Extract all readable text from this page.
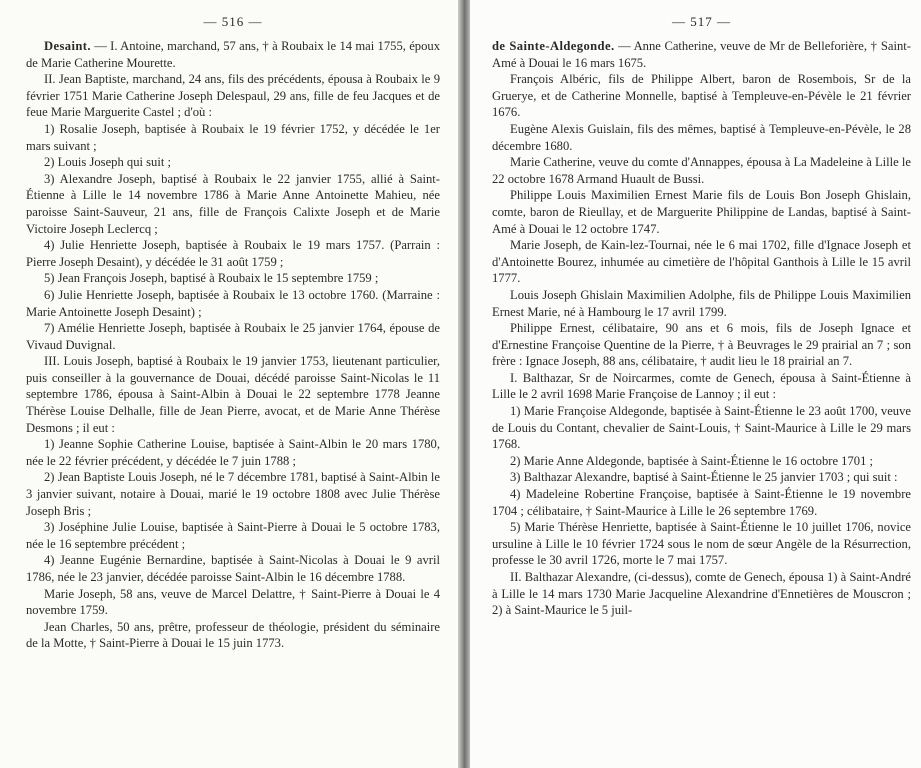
— 516 —

Desaint. — I. Antoine, marchand, 57 ans, † à Roubaix le 14 mai 1755, époux de Marie Catherine Mourette.

II. Jean Baptiste, marchand, 24 ans, fils des précédents, épousa à Roubaix le 9 février 1751 Marie Catherine Joseph Delespaul, 29 ans, fille de feu Jacques et de feue Marie Marguerite Castel ; d'où :

1) Rosalie Joseph, baptisée à Roubaix le 19 février 1752, y décédée le 1er mars suivant ;

2) Louis Joseph qui suit ;

3) Alexandre Joseph, baptisé à Roubaix le 22 janvier 1755, allié à Saint-Étienne à Lille le 14 novembre 1786 à Marie Anne Antoinette Mahieu, née paroisse Saint-Sauveur, 21 ans, fille de François Calixte Joseph et de Marie Victoire Joseph Leclercq ;

4) Julie Henriette Joseph, baptisée à Roubaix le 19 mars 1757. (Parrain : Pierre Joseph Desaint), y décédée le 31 août 1759 ;

5) Jean François Joseph, baptisé à Roubaix le 15 septembre 1759 ;

6) Julie Henriette Joseph, baptisée à Roubaix le 13 octobre 1760. (Marraine : Marie Antoinette Joseph Desaint) ;

7) Amélie Henriette Joseph, baptisée à Roubaix le 25 janvier 1764, épouse de Vivaud Duvignal.

III. Louis Joseph, baptisé à Roubaix le 19 janvier 1753, lieutenant particulier, puis conseiller à la gouvernance de Douai, décédé paroisse Saint-Nicolas le 11 septembre 1786, épousa à Saint-Albin à Douai le 22 septembre 1778 Jeanne Thérèse Louise Delhalle, fille de Jean Pierre, avocat, et de Marie Anne Thérèse Desmons ; il eut :

1) Jeanne Sophie Catherine Louise, baptisée à Saint-Albin le 20 mars 1780, née le 22 février précédent, y décédée le 7 juin 1788 ;

2) Jean Baptiste Louis Joseph, né le 7 décembre 1781, baptisé à Saint-Albin le 3 janvier suivant, notaire à Douai, marié le 19 octobre 1808 avec Julie Thérèse Joseph Bris ;

3) Joséphine Julie Louise, baptisée à Saint-Pierre à Douai le 5 octobre 1783, née le 16 septembre précédent ;

4) Jeanne Eugénie Bernardine, baptisée à Saint-Nicolas à Douai le 9 avril 1786, née le 23 janvier, décédée paroisse Saint-Albin le 16 décembre 1788.

Marie Joseph, 58 ans, veuve de Marcel Delattre, † Saint-Pierre à Douai le 4 novembre 1759.

Jean Charles, 50 ans, prêtre, professeur de théologie, président du séminaire de la Motte, † Saint-Pierre à Douai le 15 juin 1773.

— 517 —

de Sainte-Aldegonde. — Anne Catherine, veuve de Mr de Belleforière, † Saint-Amé à Douai le 16 mars 1675.

François Albéric, fils de Philippe Albert, baron de Rosembois, Sr de la Gruerye, et de Catherine Monnelle, baptisé à Templeuve-en-Pévèle le 21 février 1676.

Eugène Alexis Guislain, fils des mêmes, baptisé à Templeuve-en-Pévèle, le 28 décembre 1680.

Marie Catherine, veuve du comte d'Annappes, épousa à La Madeleine à Lille le 22 octobre 1678 Armand Huault de Bussi.

Philippe Louis Maximilien Ernest Marie fils de Louis Bon Joseph Ghislain, comte, baron de Rieullay, et de Marguerite Philippine de Landas, baptisé à Saint-Amé à Douai le 12 octobre 1747.

Marie Joseph, de Kain-lez-Tournai, née le 6 mai 1702, fille d'Ignace Joseph et d'Antoinette Bourez, inhumée au cimetière de l'hôpital Ganthois à Lille le 15 avril 1777.

Louis Joseph Ghislain Maximilien Adolphe, fils de Philippe Louis Maximilien Ernest Marie, né à Hambourg le 17 avril 1799.

Philippe Ernest, célibataire, 90 ans et 6 mois, fils de Joseph Ignace et d'Ernestine Françoise Quentine de la Pierre, † à Beuvrages le 29 prairial an 7 ; son frère : Ignace Joseph, 88 ans, célibataire, † audit lieu le 18 prairial an 7.

I. Balthazar, Sr de Noircarmes, comte de Genech, épousa à Saint-Étienne à Lille le 2 avril 1698 Marie Françoise de Lannoy ; il eut :

1) Marie Françoise Aldegonde, baptisée à Saint-Étienne le 23 août 1700, veuve de Louis du Contant, chevalier de Saint-Louis, † Saint-Maurice à Lille le 29 mars 1768.

2) Marie Anne Aldegonde, baptisée à Saint-Étienne le 16 octobre 1701 ;

3) Balthazar Alexandre, baptisé à Saint-Étienne le 25 janvier 1703 ; qui suit :

4) Madeleine Robertine Françoise, baptisée à Saint-Étienne le 19 novembre 1704 ; célibataire, † Saint-Maurice à Lille le 26 septembre 1769.

5) Marie Thérèse Henriette, baptisée à Saint-Étienne le 10 juillet 1706, novice ursuline à Lille le 10 février 1724 sous le nom de sœur Angèle de la Résurrection, professe le 30 avril 1726, morte le 7 mai 1757.

II. Balthazar Alexandre, (ci-dessus), comte de Genech, épousa 1) à Saint-André à Lille le 14 mars 1730 Marie Jacqueline Alexandrine d'Ennetières de Mouscron ; 2) à Saint-Maurice le 5 juil-
